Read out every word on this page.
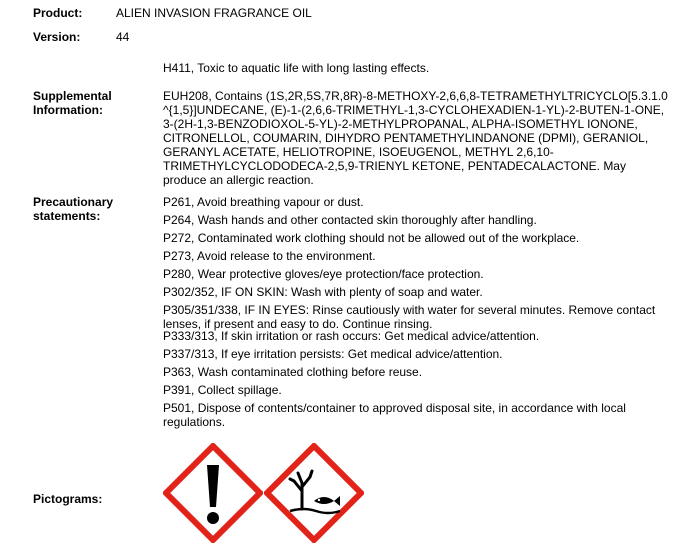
Product:	ALIEN INVASION FRAGRANCE OIL
Version:	44
H411, Toxic to aquatic life with long lasting effects.
Supplemental
Information:
EUH208, Contains (1S,2R,5S,7R,8R)-8-METHOXY-2,6,6,8-TETRAMETHYLTRICYCLO[5.3.1.0
^{1,5}]UNDECANE, (E)-1-(2,6,6-TRIMETHYL-1,3-CYCLOHEXADIEN-1-YL)-2-BUTEN-1-ONE,
3-(2H-1,3-BENZODIOXOL-5-YL)-2-METHYLPROPANAL, ALPHA-ISOMETHYL IONONE,
CITRONELLOL, COUMARIN, DIHYDRO PENTAMETHYLINDANONE (DPMI), GERANIOL,
GERANYL ACETATE, HELIOTROPINE, ISOEUGENOL, METHYL 2,6,10-
TRIMETHYLCYCLODODECA-2,5,9-TRIENYL KETONE, PENTADECALACTONE. May
produce an allergic reaction.
Precautionary
statements:
P261, Avoid breathing vapour or dust.
P264, Wash hands and other contacted skin thoroughly after handling.
P272, Contaminated work clothing should not be allowed out of the workplace.
P273, Avoid release to the environment.
P280, Wear protective gloves/eye protection/face protection.
P302/352, IF ON SKIN: Wash with plenty of soap and water.
P305/351/338, IF IN EYES: Rinse cautiously with water for several minutes. Remove contact
lenses, if present and easy to do. Continue rinsing.
P333/313, If skin irritation or rash occurs: Get medical advice/attention.
P337/313, If eye irritation persists: Get medical advice/attention.
P363, Wash contaminated clothing before reuse.
P391, Collect spillage.
P501, Dispose of contents/container to approved disposal site, in accordance with local
regulations.
Pictograms:
